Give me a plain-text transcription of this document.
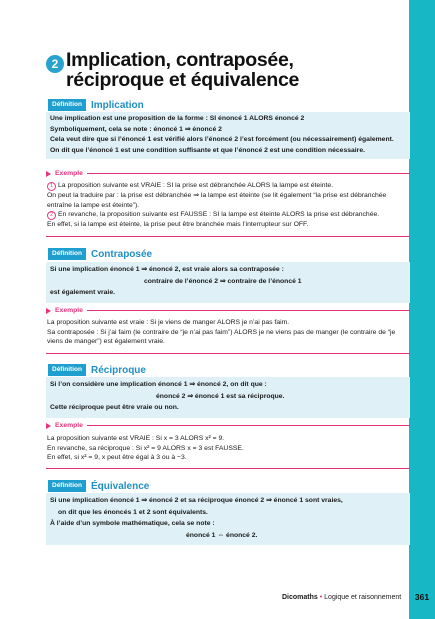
2 Implication, contraposée,
réciproque et équivalence
Définition Implication
Une implication est une proposition de la forme : SI énoncé 1 ALORS énoncé 2
Symboliquement, cela se note : énoncé 1 ⇒ énoncé 2
Cela veut dire que si l’énoncé 1 est vérifié alors l’énoncé 2 l’est forcément (ou nécessairement) également.
On dit que l’énoncé 1 est une condition suffisante et que l’énoncé 2 est une condition nécessaire.
Exemple
1 La proposition suivante est VRAIE : SI la prise est débranchée ALORS la lampe est éteinte.
On peut la traduire par : la prise est débranchée ⇒ la lampe est éteinte (se lit également “la prise est débranchée
entraîne la lampe est éteinte”).
2 En revanche, la proposition suivante est FAUSSE : SI la lampe est éteinte ALORS la prise est débranchée.
En effet, si la lampe est éteinte, la prise peut être branchée mais l’interrupteur sur OFF.
Définition Contraposée
Si une implication énoncé 1 ⇒ énoncé 2, est vraie alors sa contraposée :
contraire de l’énoncé 2 ⇒ contraire de l’énoncé 1
est également vraie.
Exemple
La proposition suivante est vraie : Si je viens de manger ALORS je n’ai pas faim.
Sa contraposée : Si j’ai faim (le contraire de “je n’ai pas faim”) ALORS je ne viens pas de manger (le contraire de “je
viens de manger”) est également vraie.
Définition Réciproque
Si l’on considère une implication énoncé 1 ⇒ énoncé 2, on dit que :
énoncé 2 ⇒ énoncé 1 est sa réciproque.
Cette réciproque peut être vraie ou non.
Exemple
La proposition suivante est VRAIE : Si x = 3 ALORS x² = 9.
En revanche, sa réciproque : Si x² = 9 ALORS x = 3 est FAUSSE.
En effet, si x² = 9, x peut être égal à 3 ou à −3.
Définition Équivalence
Si une implication énoncé 1 ⇒ énoncé 2 et sa réciproque énoncé 2 ⇒ énoncé 1 sont vraies,
on dit que les énoncés 1 et 2 sont équivalents.
À l’aide d’un symbole mathématique, cela se note :
énoncé 1 ⇔ énoncé 2.
Dicomaths • Logique et raisonnement	361
